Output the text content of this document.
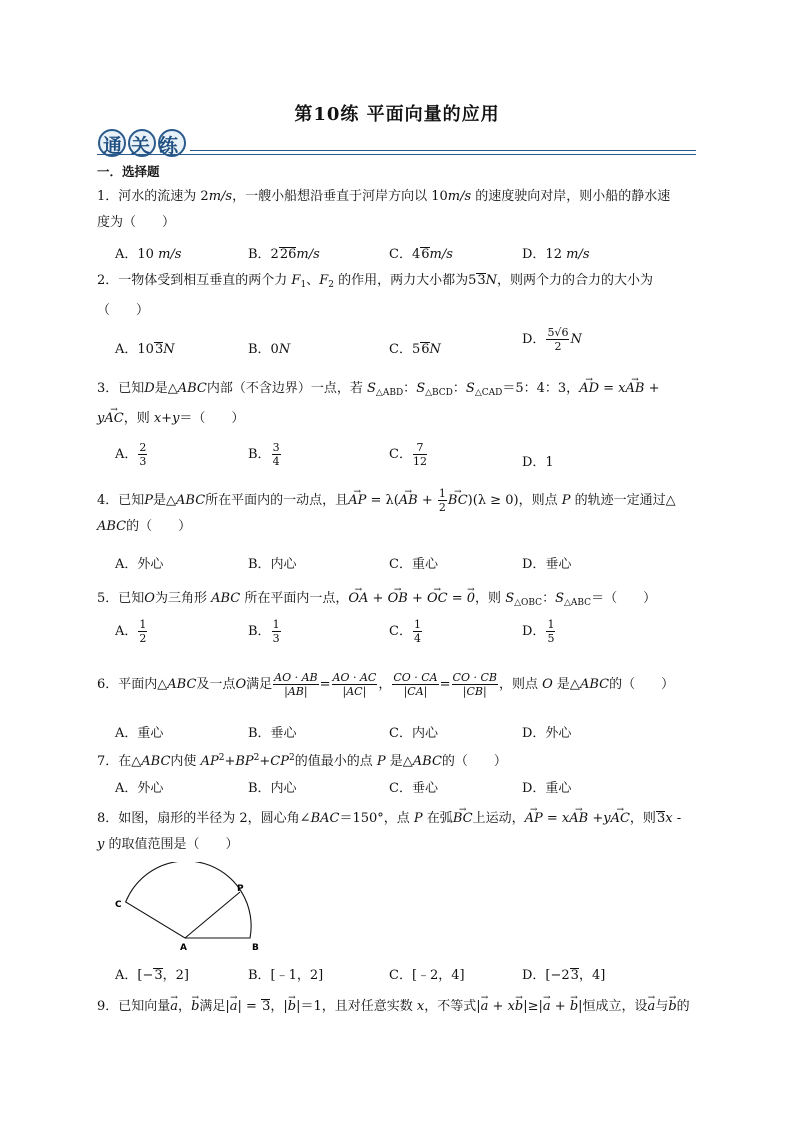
第10练 平面向量的应用
通关练
一．选择题
1．河水的流速为 2m/s，一艘小船想沿垂直于河岸方向以 10m/s 的速度驶向对岸，则小船的静水速
度为（　　）
A．10 m/s	B．226m/s	C．46m/s	D．12 m/s
2．一物体受到相互垂直的两个力 $F_1$、$F_2$ 的作用，两力大小都为53N，则两个力的合力的大小为
（　　）
A．103N	B．0N	C．56N
D． $\frac{5√6}{2}$ N
3．已知D是△ABC内部（不含边界）一点，若 $S_{\triangle ABD}$：$S_{\triangle BCD}$：$S_{\triangle CAD}=5$：4：3，→ AD = x→ AB +
y→ AC，则 x+y＝（　　）
A． $\frac{2}{3}$	B． $\frac{3}{4}$	C． $\frac{7}{12}$	D．1
4．已知P是△ABC所在平面内的一动点，且→ AP = λ(→ AB + $\frac{1}{2}$
→ BC)(λ ≥ 0)，则点 P 的轨迹一定通过△
ABC的（　　）
A．外心	B．内心	C．重心	D．垂心
5．已知O为三角形 ABC 所在平面内一点，→ OA + → OB + → OC = → 0，则 $S_{\triangle OBC}$：$S_{\triangle ABC}=$（　　）
A． $\frac{1}{2}$	B． $\frac{1}{3}$	C． $\frac{1}{4}$	D． $\frac{1}{5}$
6．平面内△ABC及一点O满足 $\frac{AO \cdot AB}{|AB|} = \frac{AO \cdot AC}{|AC|}$ ， $\frac{CO \cdot CA}{|CA|} = \frac{CO \cdot CB}{|CB|}$ ，则点 O 是△ABC的（　　）
A．重心	B．垂心	C．内心	D．外心
7．在△ABC内使 $AP^2+BP^2+CP^2$的值最小的点 P 是△ABC的（　　）
A．外心	B．内心	C．垂心	D．重心
8．如图，扇形的半径为 2，圆心角∠BAC＝150°，点 P 在弧→ BC上运动，→ AP = x→ AB +y→ AC，则3x -
y 的取值范围是（　　）
C
P
A	B
A．[−3，2]	B．[﹣1，2]	C．[﹣2，4]	D．[−23，4]
9．已知向量→ a，→ b满足|→ a| = 3，|→ b|＝1，且对任意实数 x，不等式|→ a + x→ b|≥|→ a + → b|恒成立，设→ a与→ b的
